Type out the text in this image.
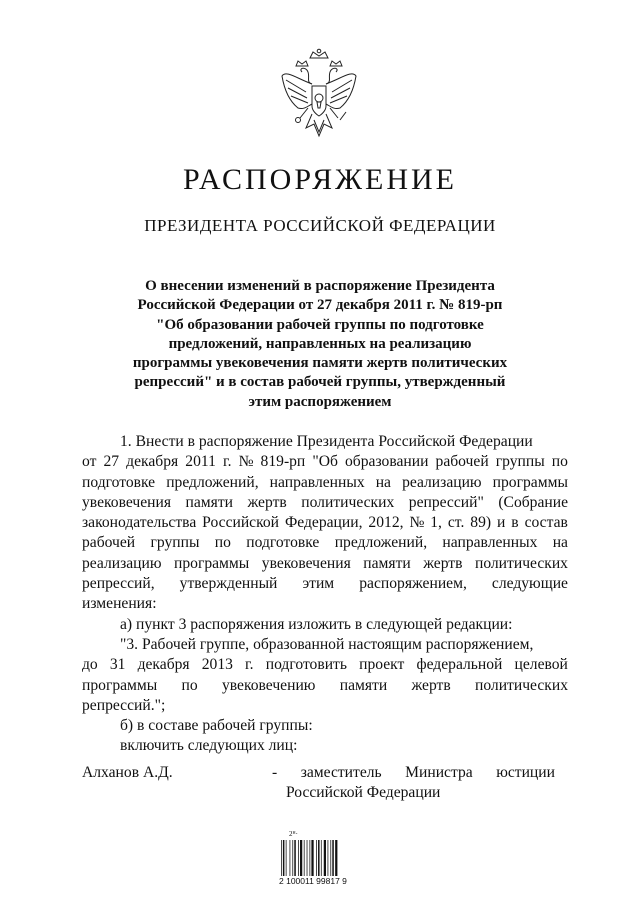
РАСПОРЯЖЕНИЕ
ПРЕЗИДЕНТА РОССИЙСКОЙ ФЕДЕРАЦИИ
О внесении изменений в распоряжение Президента
Российской Федерации от 27 декабря 2011 г. № 819-рп
"Об образовании рабочей группы по подготовке
предложений, направленных на реализацию
программы увековечения памяти жертв политических
репрессий" и в состав рабочей группы, утвержденный
этим распоряжением
1. Внести в распоряжение Президента Российской Федерации
от 27 декабря 2011 г. № 819-рп "Об образовании рабочей группы по
подготовке предложений, направленных на реализацию программы
увековечения памяти жертв политических репрессий" (Собрание
законодательства Российской Федерации, 2012, № 1, ст. 89) и в состав
рабочей группы по подготовке предложений, направленных на
реализацию программы увековечения памяти жертв политических
репрессий, утвержденный этим распоряжением, следующие
изменения:
а) пункт 3 распоряжения изложить в следующей редакции:
"3. Рабочей группе, образованной настоящим распоряжением,
до 31 декабря 2013 г. подготовить проект федеральной целевой
программы по увековечению памяти жертв политических
репрессий.";
б) в составе рабочей группы:
включить следующих лиц:
Алханов А.Д.	- заместитель Министра юстиции
Российской Федерации
2ᴴ·
2 100011 99817 9
